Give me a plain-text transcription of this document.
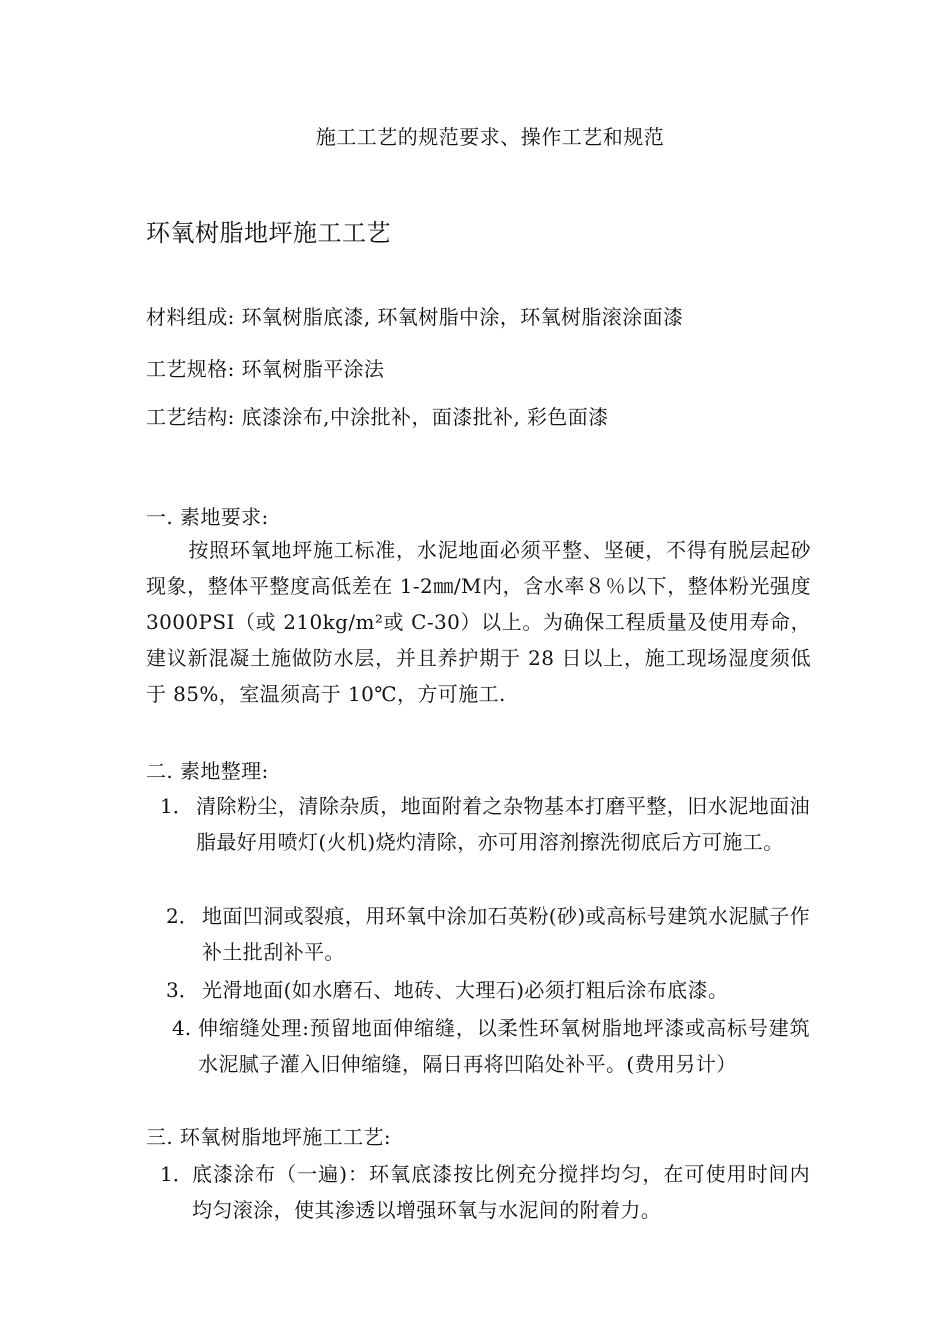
施工工艺的规范要求、操作工艺和规范
环氧树脂地坪施工工艺
材料组成: 环氧树脂底漆, 环氧树脂中涂，环氧树脂滚涂面漆
工艺规格: 环氧树脂平涂法
工艺结构: 底漆涂布,中涂批补，面漆批补, 彩色面漆
一. 素地要求:
按照环氧地坪施工标准，水泥地面必须平整、坚硬，不得有脱层起砂现象，整体平整度高低差在 1-2㎜/M内，含水率８％以下，整体粉光强度 3000PSI（或 210kg/m²或 C-30）以上。为确保工程质量及使用寿命，建议新混凝土施做防水层，并且养护期于 28 日以上，施工现场湿度须低于 85%，室温须高于 10℃，方可施工.
二. 素地整理:
1． 清除粉尘，清除杂质，地面附着之杂物基本打磨平整，旧水泥地面油脂最好用喷灯(火机)烧灼清除，亦可用溶剂擦洗彻底后方可施工。
2． 地面凹洞或裂痕，用环氧中涂加石英粉(砂)或高标号建筑水泥腻子作补土批刮补平。
3． 光滑地面(如水磨石、地砖、大理石)必须打粗后涂布底漆。
4. 伸缩缝处理:预留地面伸缩缝，以柔性环氧树脂地坪漆或高标号建筑水泥腻子灌入旧伸缩缝，隔日再将凹陷处补平。(费用另计）
三. 环氧树脂地坪施工工艺:
1． 底漆涂布（一遍)：环氧底漆按比例充分搅拌均匀，在可使用时间内均匀滚涂，使其渗透以增强环氧与水泥间的附着力。
